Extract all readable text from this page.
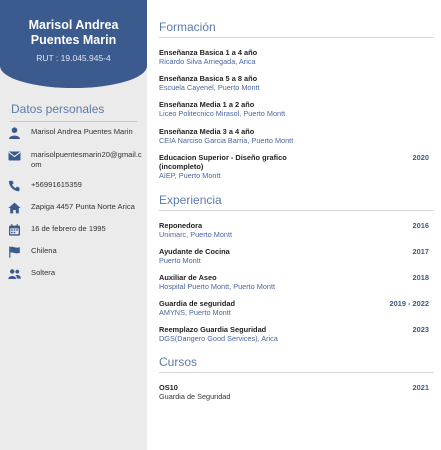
Marisol Andrea
Puentes Marin
RUT : 19.045.945-4
Datos personales
Marisol Andrea Puentes Marin
marisolpuentesmarin20@gmail.com
+56991615359
Zapiga 4457 Punta Norte Arica
16 de febrero de 1995
Chilena
Soltera
Formación
Enseñanza Basica 1 a 4 año
Ricardo Silva Arriegada, Arica
Enseñanza Basica 5 a 8 año
Escuela Cayenel, Puerto Montt
Enseñanza Media 1 a 2 año
Liceo Politecnico Mirasol, Puerto Montt
Enseñanza Media 3 a 4 año
CEIA Narciso Garcia Barria, Puerto Montt
Educacion Superior - Diseño grafico (incompleto)
AIEP, Puerto Montt
2020
Experiencia
Reponedora
Unimarc, Puerto Montt
2016
Ayudante de Cocina
Puerto Montt
2017
Auxiliar de Aseo
Hospital Puerto Montt, Puerto Montt
2018
Guardia de seguridad
AMYNS, Puerto Montt
2019 - 2022
Reemplazo Guardia Seguridad
DGS(Dangero Good Services), Arica
2023
Cursos
OS10
Guardia de Seguridad
2021
